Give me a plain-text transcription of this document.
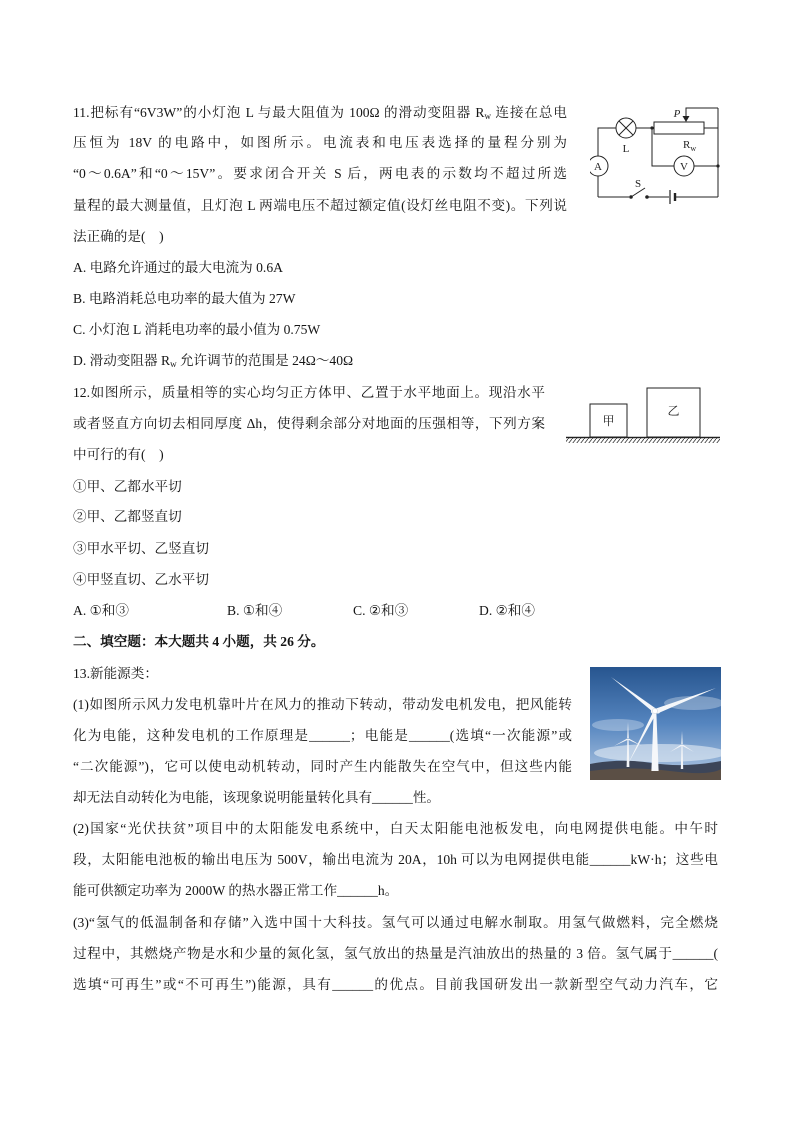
11.把标有“6V3W”的小灯泡 L 与最大阻值为 100Ω 的滑动变阻器 $R_w$ 连接在总电
压恒为 18V 的电路中，如图所示。电流表和电压表选择的量程分别为
“0～0.6A”和“0～15V”。要求闭合开关 S 后，两电表的示数均不超过所选
量程的最大测量值，且灯泡 L 两端电压不超过额定值(设灯丝电阻不变)。下列说
法正确的是(　)
A. 电路允许通过的最大电流为 0.6A
B. 电路消耗总电功率的最大值为 27W
C. 小灯泡 L 消耗电功率的最小值为 0.75W
D. 滑动变阻器 $R_w$ 允许调节的范围是 24Ω～40Ω
L
P
$R_w$
A	V
S
12.如图所示，质量相等的实心均匀正方体甲、乙置于水平地面上。现沿水平
或者竖直方向切去相同厚度 Δh，使得剩余部分对地面的压强相等，下列方案
中可行的有(　)
①甲、乙都水平切
②甲、乙都竖直切
③甲水平切、乙竖直切
④甲竖直切、乙水平切
A. ①和③	B. ①和④	C. ②和③	D. ②和④
甲
乙
二、填空题：本大题共 4 小题，共 26 分。
13.新能源类：
(1)如图所示风力发电机靠叶片在风力的推动下转动，带动发电机发电，把风能转
化为电能，这种发电机的工作原理是______；电能是______(选填“一次能源”或
“二次能源”)，它可以使电动机转动，同时产生内能散失在空气中，但这些内能
却无法自动转化为电能，该现象说明能量转化具有______性。
(2)国家“光伏扶贫”项目中的太阳能发电系统中，白天太阳能电池板发电，向电网提供电能。中午时
段，太阳能电池板的输出电压为 500V，输出电流为 20A，10h 可以为电网提供电能______kW·h；这些电
能可供额定功率为 2000W 的热水器正常工作______h。
(3)“氢气的低温制备和存储”入选中国十大科技。氢气可以通过电解水制取。用氢气做燃料，完全燃烧
过程中，其燃烧产物是水和少量的氮化氢，氢气放出的热量是汽油放出的热量的 3 倍。氢气属于______(
选填“可再生”或“不可再生”)能源，具有______的优点。目前我国研发出一款新型空气动力汽车，它
